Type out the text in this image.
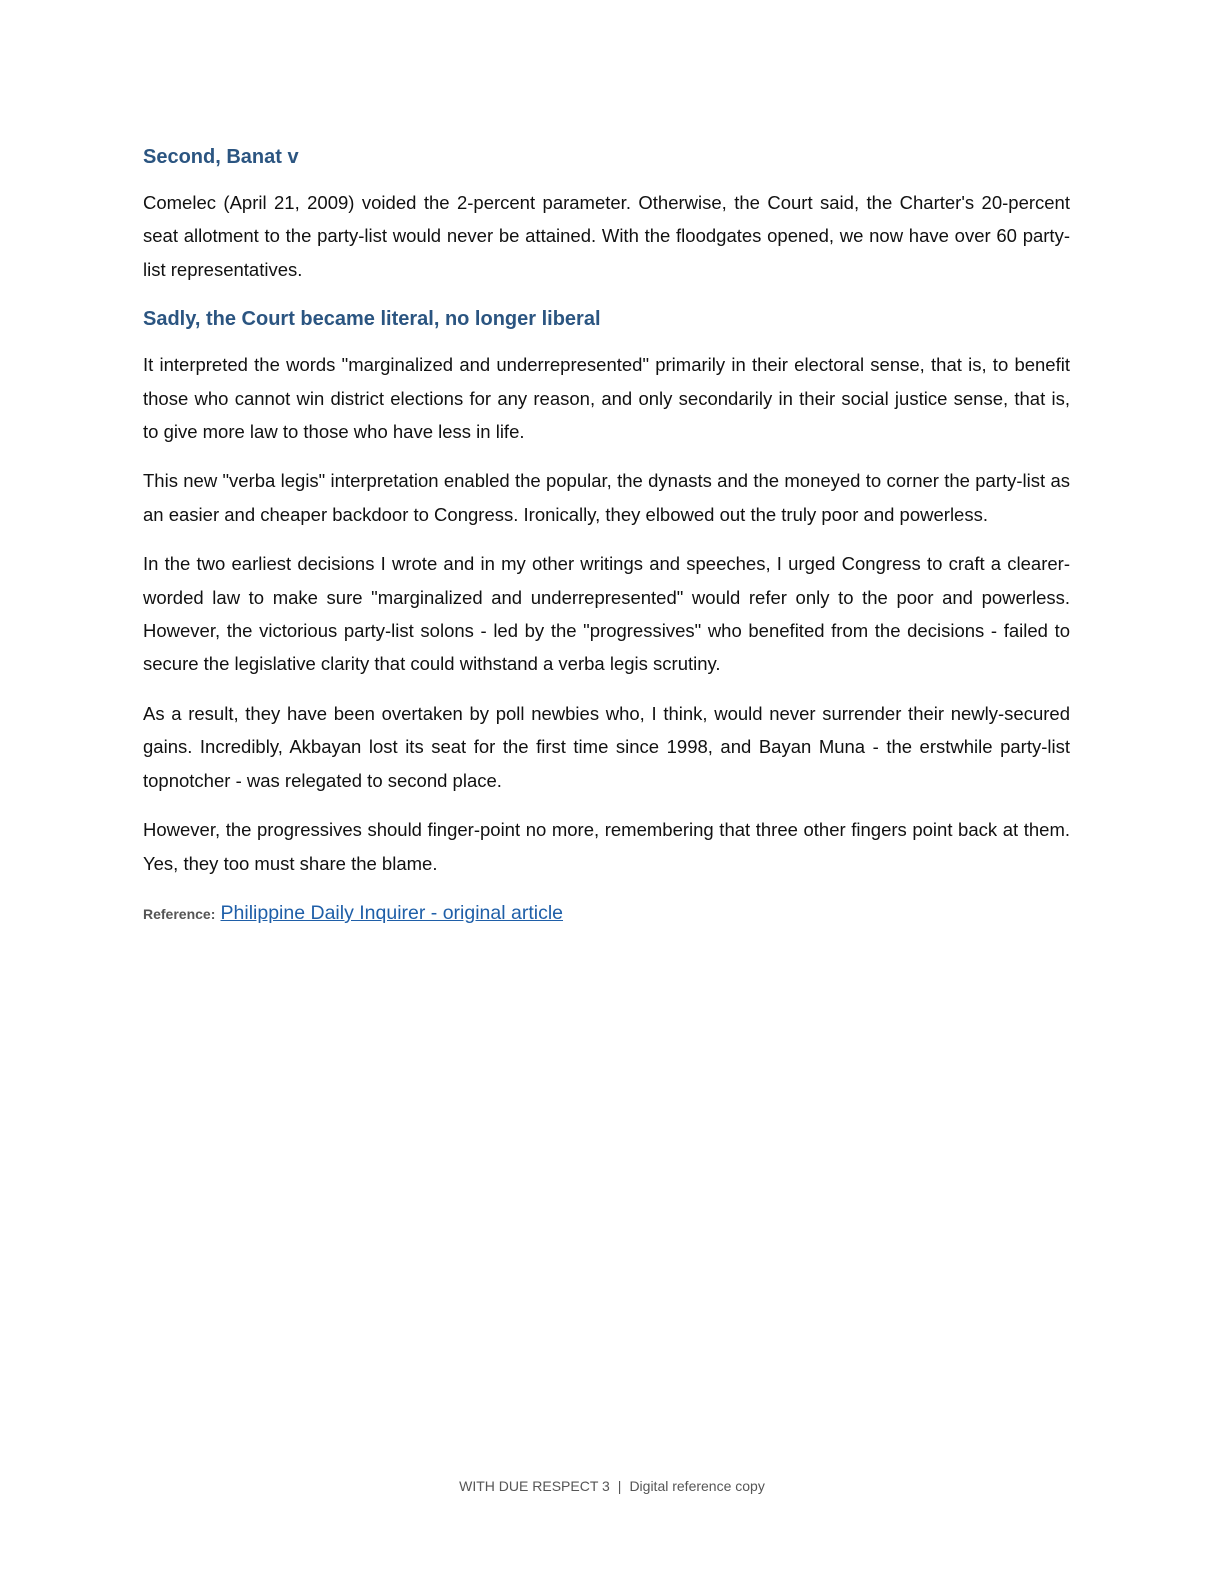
Second, Banat v

Comelec (April 21, 2009) voided the 2-percent parameter. Otherwise, the Court said, the Charter's 20-percent seat allotment to the party-list would never be attained. With the floodgates opened, we now have over 60 party-list representatives.

Sadly, the Court became literal, no longer liberal

It interpreted the words "marginalized and underrepresented" primarily in their electoral sense, that is, to benefit those who cannot win district elections for any reason, and only secondarily in their social justice sense, that is, to give more law to those who have less in life.

This new "verba legis" interpretation enabled the popular, the dynasts and the moneyed to corner the party-list as an easier and cheaper backdoor to Congress. Ironically, they elbowed out the truly poor and powerless.

In the two earliest decisions I wrote and in my other writings and speeches, I urged Congress to craft a clearer-worded law to make sure "marginalized and underrepresented" would refer only to the poor and powerless. However, the victorious party-list solons - led by the "progressives" who benefited from the decisions - failed to secure the legislative clarity that could withstand a verba legis scrutiny.

As a result, they have been overtaken by poll newbies who, I think, would never surrender their newly-secured gains. Incredibly, Akbayan lost its seat for the first time since 1998, and Bayan Muna - the erstwhile party-list topnotcher - was relegated to second place.

However, the progressives should finger-point no more, remembering that three other fingers point back at them. Yes, they too must share the blame.

Reference: Philippine Daily Inquirer - original article
WITH DUE RESPECT 3 | Digital reference copy
